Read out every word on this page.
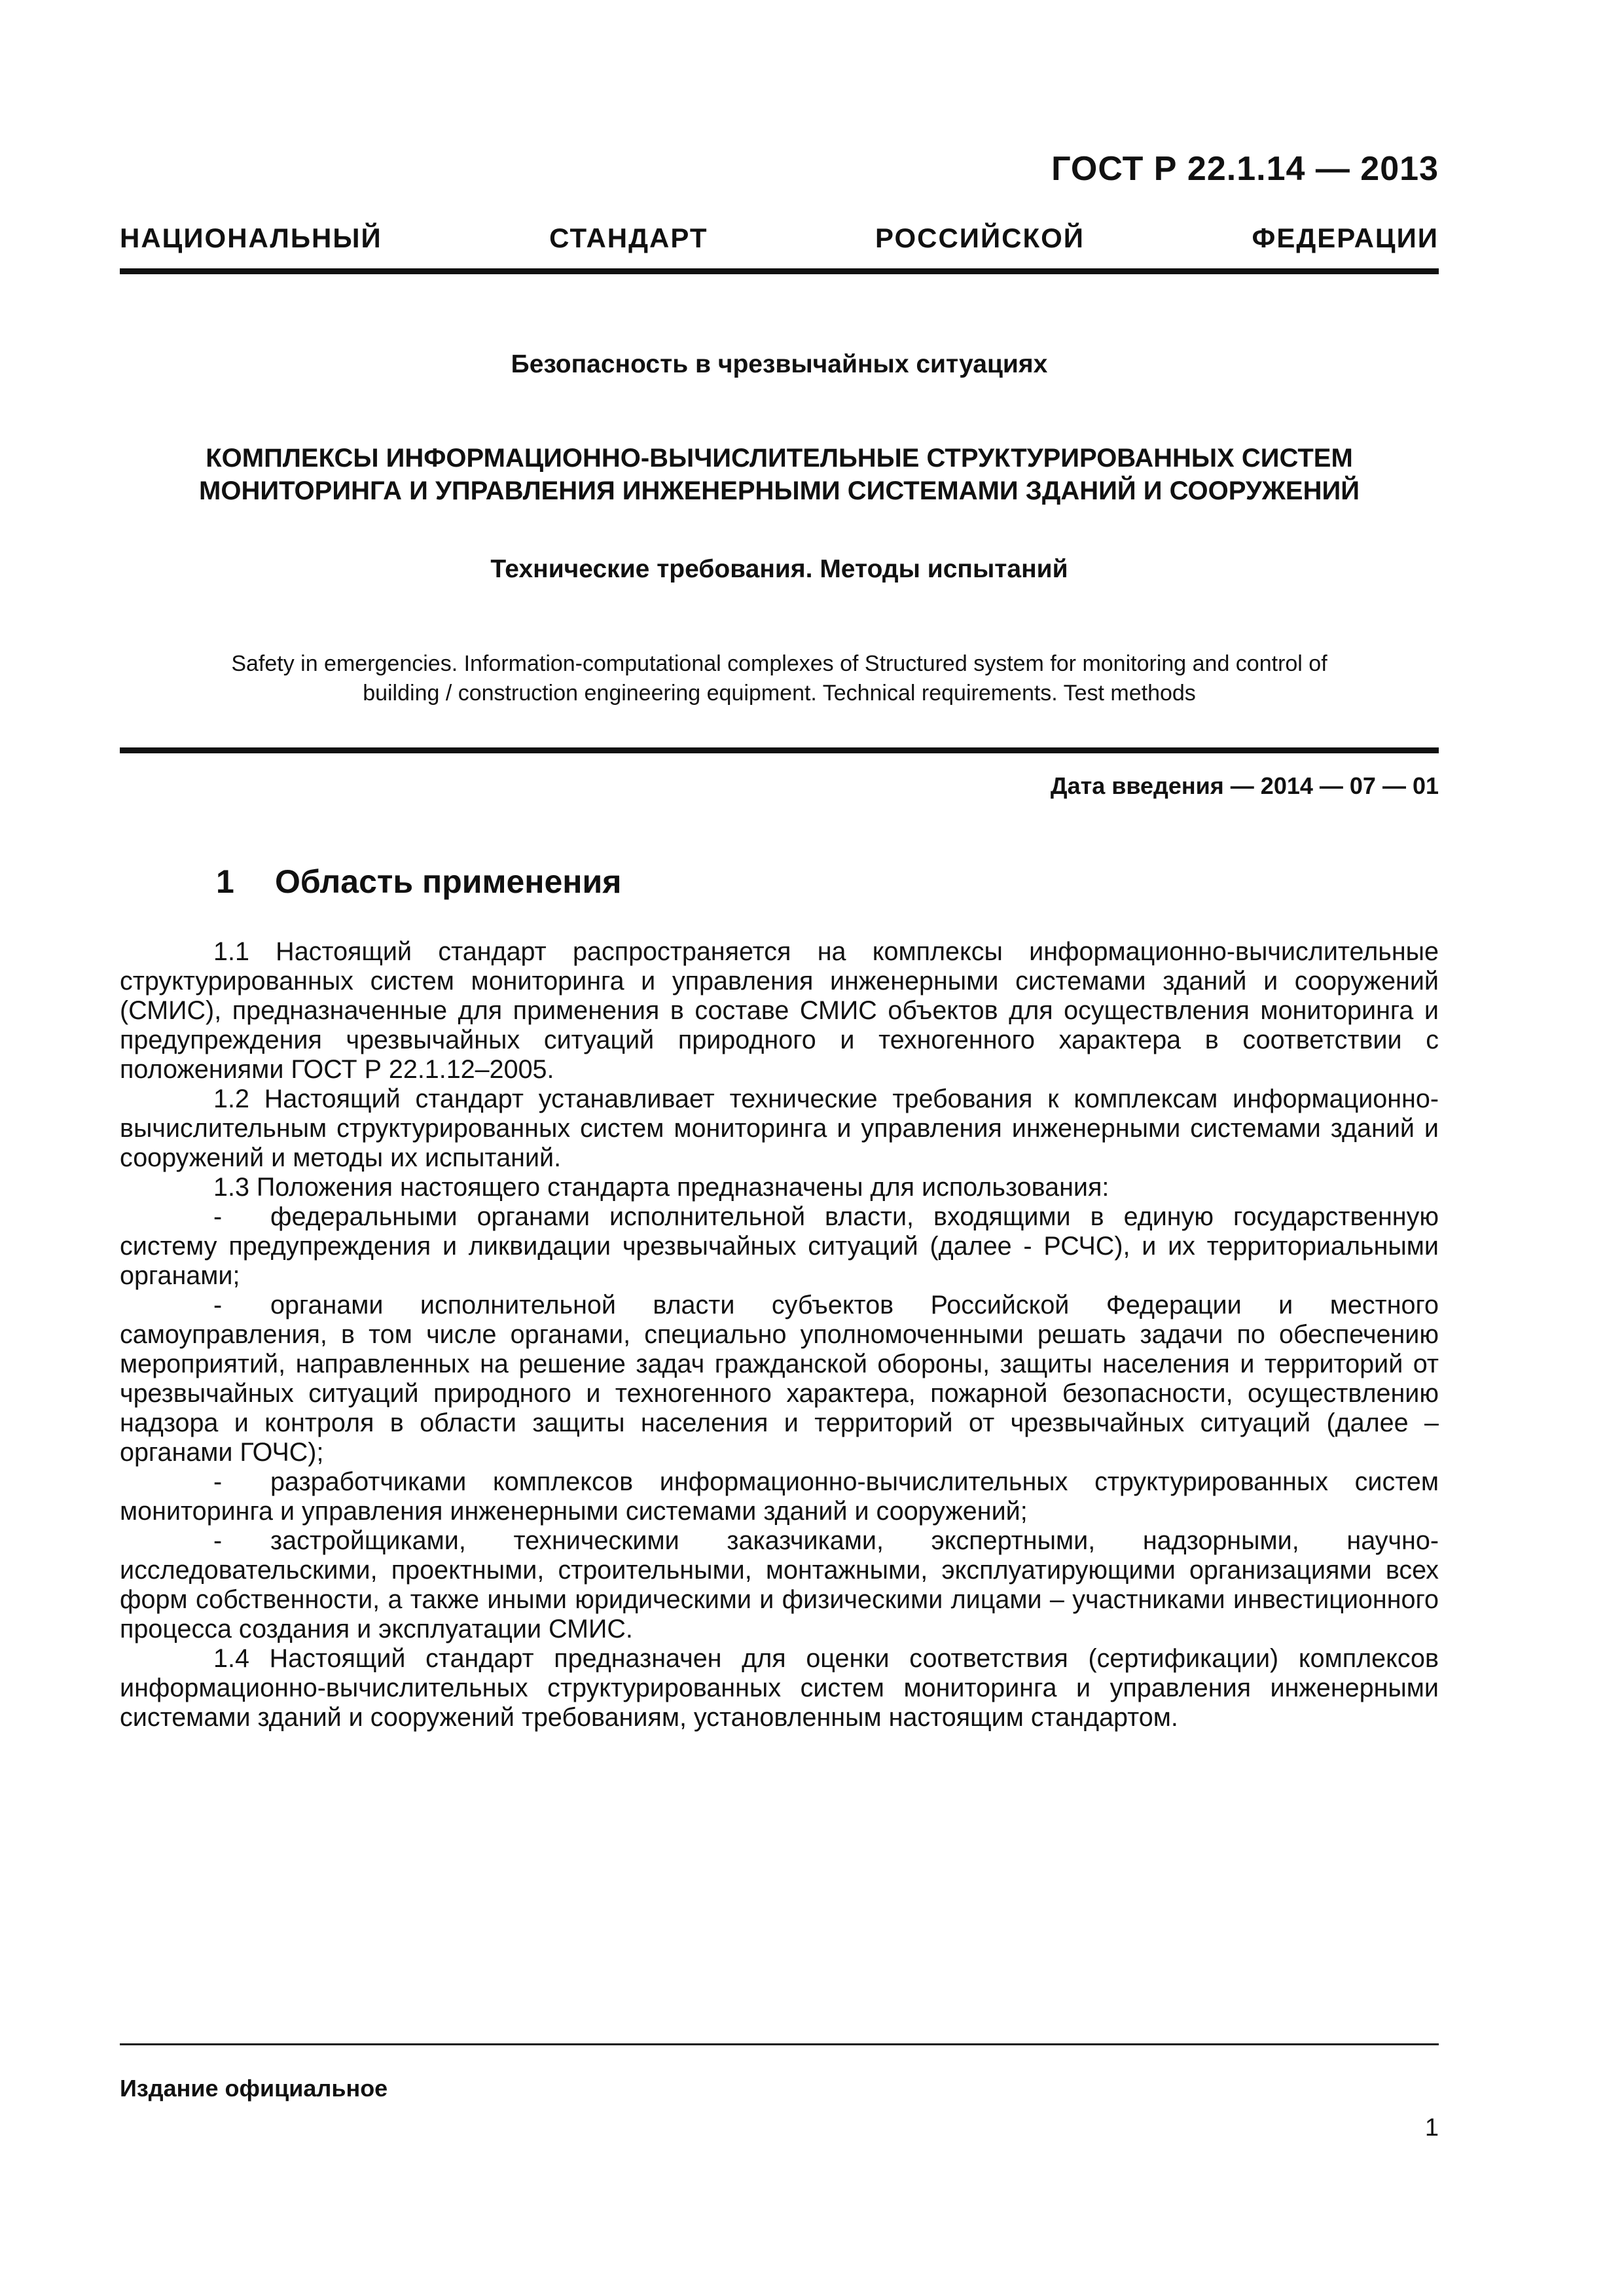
ГОСТ Р 22.1.14 — 2013
НАЦИОНАЛЬНЫЙ СТАНДАРТ РОССИЙСКОЙ ФЕДЕРАЦИИ
Безопасность в чрезвычайных ситуациях
КОМПЛЕКСЫ ИНФОРМАЦИОННО-ВЫЧИСЛИТЕЛЬНЫЕ СТРУКТУРИРОВАННЫХ СИСТЕМ
МОНИТОРИНГА И УПРАВЛЕНИЯ ИНЖЕНЕРНЫМИ СИСТЕМАМИ ЗДАНИЙ И СООРУЖЕНИЙ
Технические требования. Методы испытаний
Safety in emergencies. Information-computational complexes of Structured system for monitoring and control of
building / construction engineering equipment. Technical requirements. Test methods
Дата введения — 2014 — 07 — 01
1 Область применения

1.1 Настоящий стандарт распространяется на комплексы информационно-вычислительные структурированных систем мониторинга и управления инженерными системами зданий и сооружений (СМИС), предназначенные для применения в составе СМИС объектов для осуществления мониторинга и предупреждения чрезвычайных ситуаций природного и техногенного характера в соответствии с положениями ГОСТ Р 22.1.12–2005.

1.2 Настоящий стандарт устанавливает технические требования к комплексам информационно-вычислительным структурированных систем мониторинга и управления инженерными системами зданий и сооружений и методы их испытаний.

1.3 Положения настоящего стандарта предназначены для использования:

- федеральными органами исполнительной власти, входящими в единую государственную систему предупреждения и ликвидации чрезвычайных ситуаций (далее - РСЧС), и их территориальными органами;

- органами исполнительной власти субъектов Российской Федерации и местного самоуправления, в том числе органами, специально уполномоченными решать задачи по обеспечению мероприятий, направленных на решение задач гражданской обороны, защиты населения и территорий от чрезвычайных ситуаций природного и техногенного характера, пожарной безопасности, осуществлению надзора и контроля в области защиты населения и территорий от чрезвычайных ситуаций (далее – органами ГОЧС);

- разработчиками комплексов информационно-вычислительных структурированных систем мониторинга и управления инженерными системами зданий и сооружений;

- застройщиками, техническими заказчиками, экспертными, надзорными, научно-исследовательскими, проектными, строительными, монтажными, эксплуатирующими организациями всех форм собственности, а также иными юридическими и физическими лицами – участниками инвестиционного процесса создания и эксплуатации СМИС.

1.4 Настоящий стандарт предназначен для оценки соответствия (сертификации) комплексов информационно-вычислительных структурированных систем мониторинга и управления инженерными системами зданий и сооружений требованиям, установленным настоящим стандартом.

Издание официальное
1
